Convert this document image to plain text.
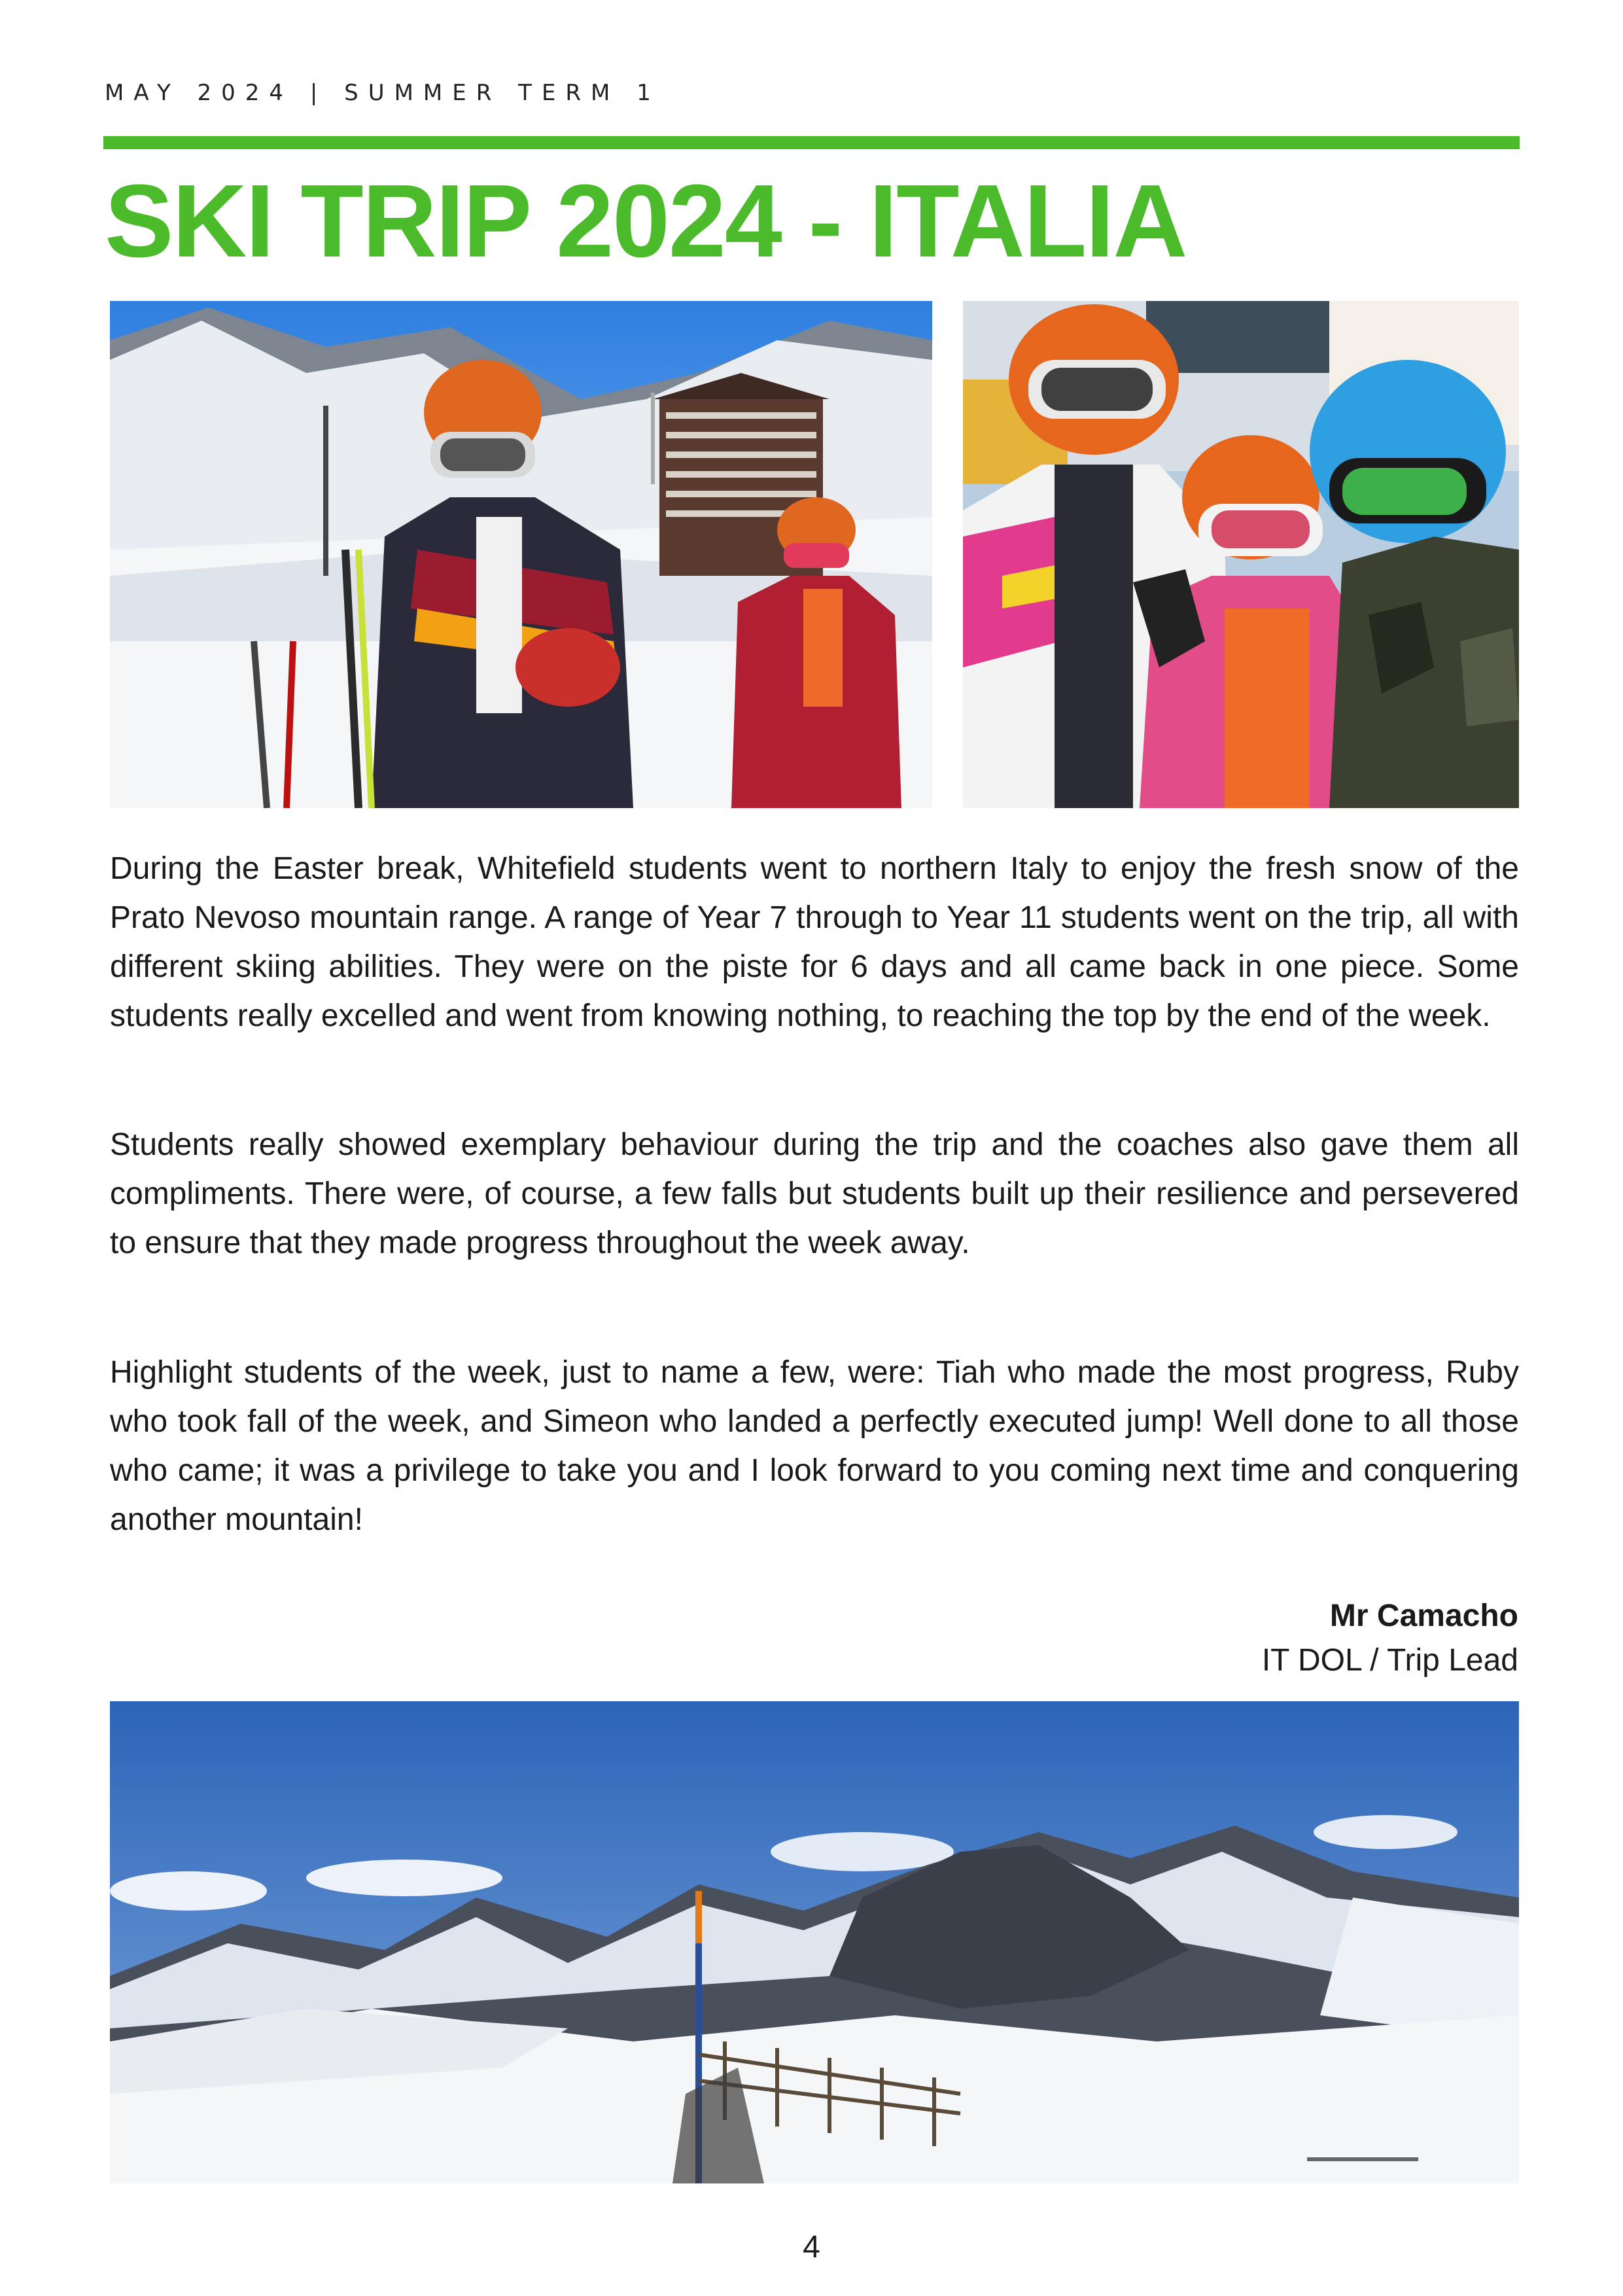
MAY 2024 | SUMMER TERM 1
SKI TRIP 2024 - ITALIA

During the Easter break, Whitefield students went to northern Italy to enjoy the fresh snow of the Prato Nevoso mountain range. A range of Year 7 through to Year 11 students went on the trip, all with different skiing abilities. They were on the piste for 6 days and all came back in one piece. Some students really excelled and went from knowing nothing, to reaching the top by the end of the week.

Students really showed exemplary behaviour during the trip and the coaches also gave them all compliments. There were, of course, a few falls but students built up their resilience and persevered to ensure that they made progress throughout the week away.

Highlight students of the week, just to name a few, were: Tiah who made the most progress, Ruby who took fall of the week, and Simeon who landed a perfectly executed jump! Well done to all those who came; it was a privilege to take you and I look forward to you coming next time and conquering another mountain!

Mr Camacho
IT DOL / Trip Lead
4
